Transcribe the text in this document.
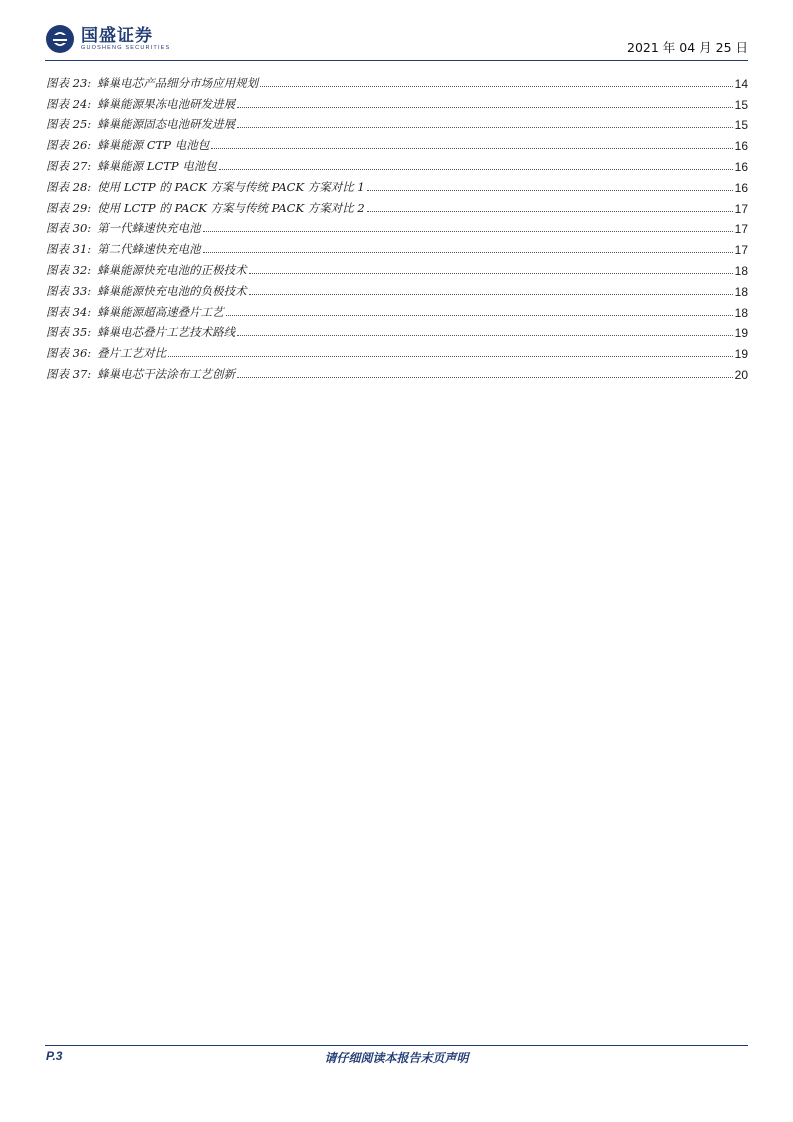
国盛证券
GUOSHENG SECURITIES	2021 年 04 月 25 日
图表 23: 蜂巢电芯产品细分市场应用规划	14
图表 24: 蜂巢能源果冻电池研发进展	15
图表 25: 蜂巢能源固态电池研发进展	15
图表 26: 蜂巢能源 CTP 电池包	16
图表 27: 蜂巢能源 LCTP 电池包	16
图表 28: 使用 LCTP 的 PACK 方案与传统 PACK 方案对比 1	16
图表 29: 使用 LCTP 的 PACK 方案与传统 PACK 方案对比 2	17
图表 30: 第一代蜂速快充电池	17
图表 31: 第二代蜂速快充电池	17
图表 32: 蜂巢能源快充电池的正极技术	18
图表 33: 蜂巢能源快充电池的负极技术	18
图表 34: 蜂巢能源超高速叠片工艺	18
图表 35: 蜂巢电芯叠片工艺技术路线	19
图表 36: 叠片工艺对比	19
图表 37: 蜂巢电芯干法涂布工艺创新	20
P.3	请仔细阅读本报告末页声明
